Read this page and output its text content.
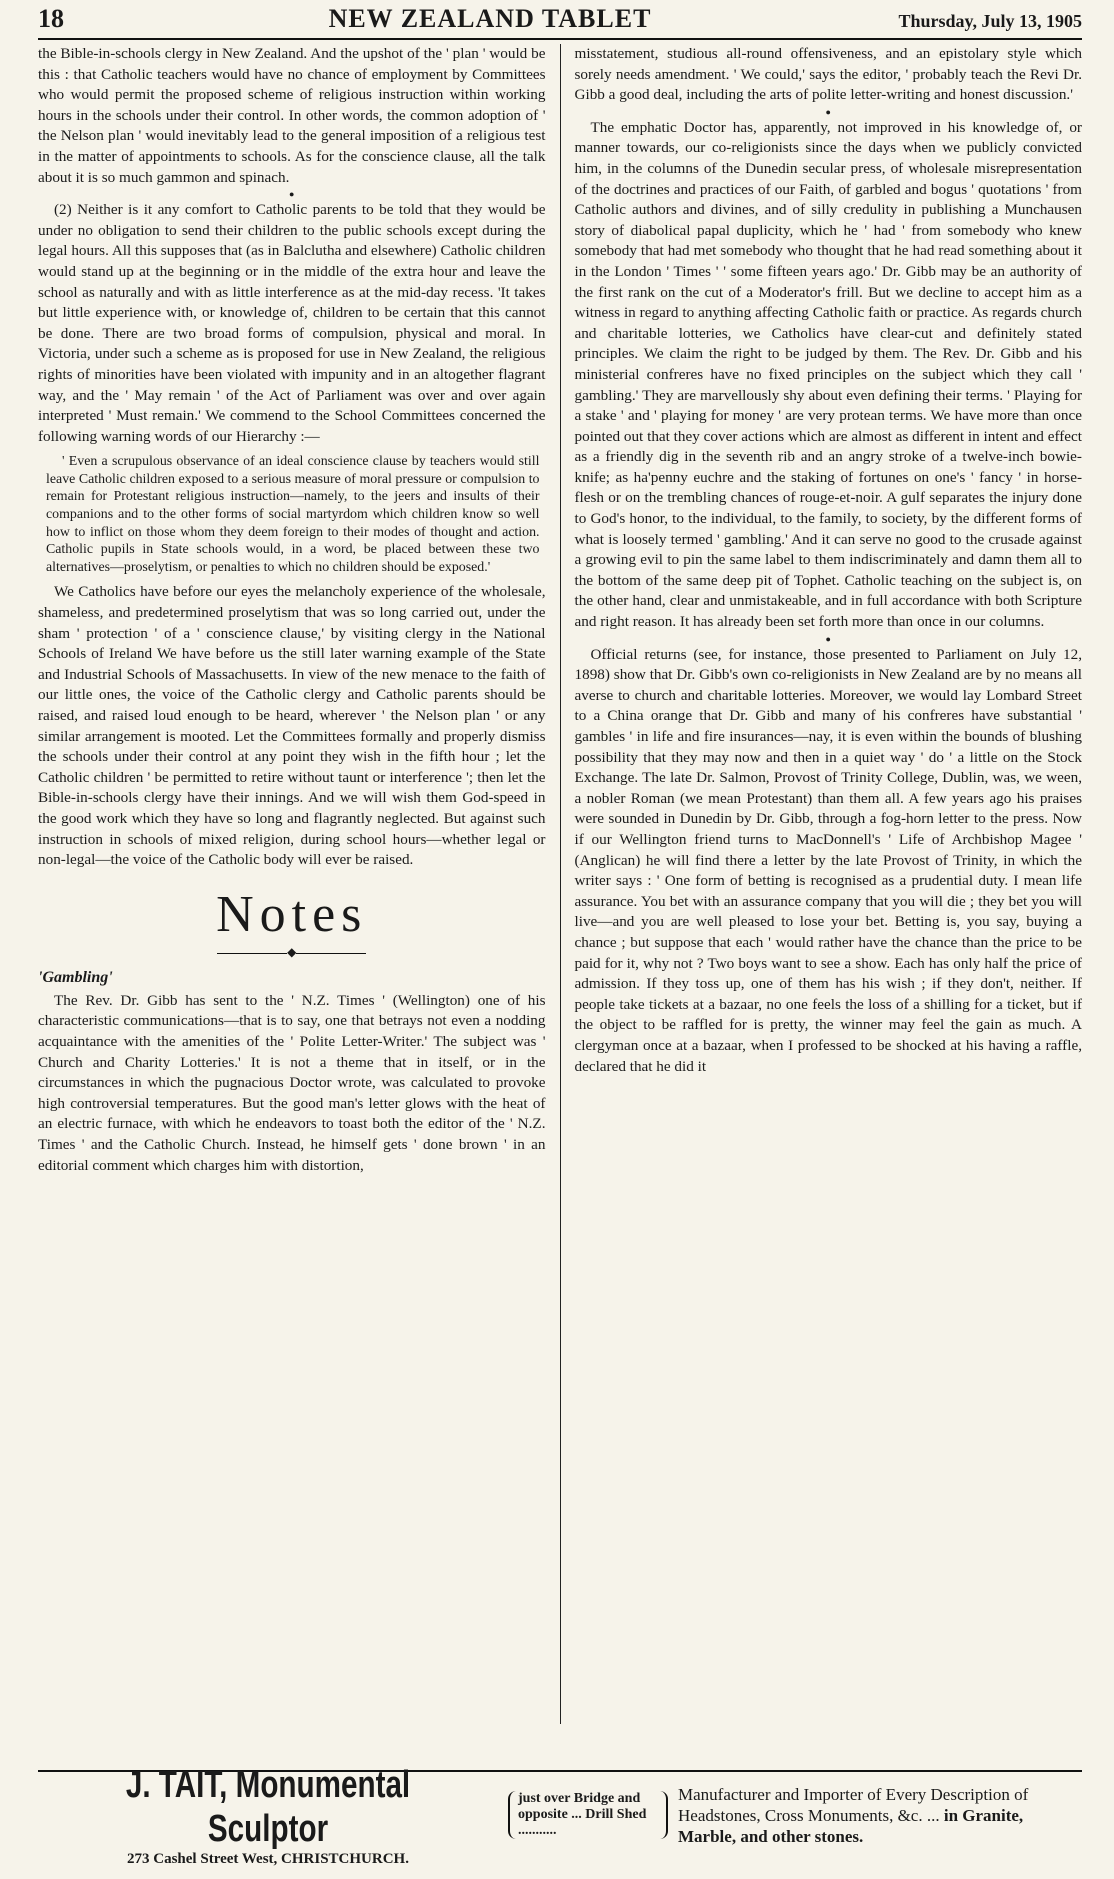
18	NEW ZEALAND TABLET	Thursday, July 13, 1905

the Bible-in-schools clergy in New Zealand. And the upshot of the ' plan ' would be this : that Catholic teachers would have no chance of employment by Committees who would permit the proposed scheme of religious instruction within working hours in the schools under their control. In other words, the common adoption of ' the Nelson plan ' would inevitably lead to the general imposition of a religious test in the matter of appointments to schools. As for the conscience clause, all the talk about it is so much gammon and spinach.

●

(2) Neither is it any comfort to Catholic parents to be told that they would be under no obligation to send their children to the public schools except during the legal hours. All this supposes that (as in Balclutha and elsewhere) Catholic children would stand up at the beginning or in the middle of the extra hour and leave the school as naturally and with as little interference as at the mid-day recess. 'It takes but little experience with, or knowledge of, children to be certain that this cannot be done. There are two broad forms of compulsion, physical and moral. In Victoria, under such a scheme as is proposed for use in New Zealand, the religious rights of minorities have been violated with impunity and in an altogether flagrant way, and the ' May remain ' of the Act of Parliament was over and over again interpreted ' Must remain.' We commend to the School Committees concerned the following warning words of our Hierarchy :—

' Even a scrupulous observance of an ideal conscience clause by teachers would still leave Catholic children exposed to a serious measure of moral pressure or compulsion to remain for Protestant religious instruction—namely, to the jeers and insults of their companions and to the other forms of social martyrdom which children know so well how to inflict on those whom they deem foreign to their modes of thought and action. Catholic pupils in State schools would, in a word, be placed between these two alternatives—proselytism, or penalties to which no children should be exposed.'

We Catholics have before our eyes the melancholy experience of the wholesale, shameless, and predetermined proselytism that was so long carried out, under the sham ' protection ' of a ' conscience clause,' by visiting clergy in the National Schools of Ireland We have before us the still later warning example of the State and Industrial Schools of Massachusetts. In view of the new menace to the faith of our little ones, the voice of the Catholic clergy and Catholic parents should be raised, and raised loud enough to be heard, wherever ' the Nelson plan ' or any similar arrangement is mooted. Let the Committees formally and properly dismiss the schools under their control at any point they wish in the fifth hour ; let the Catholic children ' be permitted to retire without taunt or interference '; then let the Bible-in-schools clergy have their innings. And we will wish them God-speed in the good work which they have so long and flagrantly neglected. But against such instruction in schools of mixed religion, during school hours—whether legal or non-legal—the voice of the Catholic body will ever be raised.

Notes
◆
'Gambling'

The Rev. Dr. Gibb has sent to the ' N.Z. Times ' (Wellington) one of his characteristic communications—that is to say, one that betrays not even a nodding acquaintance with the amenities of the ' Polite Letter-Writer.' The subject was ' Church and Charity Lotteries.' It is not a theme that in itself, or in the circumstances in which the pugnacious Doctor wrote, was calculated to provoke high controversial temperatures. But the good man's letter glows with the heat of an electric furnace, with which he endeavors to toast both the editor of the ' N.Z. Times ' and the Catholic Church. Instead, he himself gets ' done brown ' in an editorial comment which charges him with distortion,

misstatement, studious all-round offensiveness, and an epistolary style which sorely needs amendment. ' We could,' says the editor, ' probably teach the Revi Dr. Gibb a good deal, including the arts of polite letter-writing and honest discussion.'

●

The emphatic Doctor has, apparently, not improved in his knowledge of, or manner towards, our co-religionists since the days when we publicly convicted him, in the columns of the Dunedin secular press, of wholesale misrepresentation of the doctrines and practices of our Faith, of garbled and bogus ' quotations ' from Catholic authors and divines, and of silly credulity in publishing a Munchausen story of diabolical papal duplicity, which he ' had ' from somebody who knew somebody that had met somebody who thought that he had read something about it in the London ' Times ' ' some fifteen years ago.' Dr. Gibb may be an authority of the first rank on the cut of a Moderator's frill. But we decline to accept him as a witness in regard to anything affecting Catholic faith or practice. As regards church and charitable lotteries, we Catholics have clear-cut and definitely stated principles. We claim the right to be judged by them. The Rev. Dr. Gibb and his ministerial confreres have no fixed principles on the subject which they call ' gambling.' They are marvellously shy about even defining their terms. ' Playing for a stake ' and ' playing for money ' are very protean terms. We have more than once pointed out that they cover actions which are almost as different in intent and effect as a friendly dig in the seventh rib and an angry stroke of a twelve-inch bowie-knife; as ha'penny euchre and the staking of fortunes on one's ' fancy ' in horse-flesh or on the trembling chances of rouge-et-noir. A gulf separates the injury done to God's honor, to the individual, to the family, to society, by the different forms of what is loosely termed ' gambling.' And it can serve no good to the crusade against a growing evil to pin the same label to them indiscriminately and damn them all to the bottom of the same deep pit of Tophet. Catholic teaching on the subject is, on the other hand, clear and unmistakeable, and in full accordance with both Scripture and right reason. It has already been set forth more than once in our columns.

●

Official returns (see, for instance, those presented to Parliament on July 12, 1898) show that Dr. Gibb's own co-religionists in New Zealand are by no means all averse to church and charitable lotteries. Moreover, we would lay Lombard Street to a China orange that Dr. Gibb and many of his confreres have substantial ' gambles ' in life and fire insurances—nay, it is even within the bounds of blushing possibility that they may now and then in a quiet way ' do ' a little on the Stock Exchange. The late Dr. Salmon, Provost of Trinity College, Dublin, was, we ween, a nobler Roman (we mean Protestant) than them all. A few years ago his praises were sounded in Dunedin by Dr. Gibb, through a fog-horn letter to the press. Now if our Wellington friend turns to MacDonnell's ' Life of Archbishop Magee ' (Anglican) he will find there a letter by the late Provost of Trinity, in which the writer says : ' One form of betting is recognised as a prudential duty. I mean life assurance. You bet with an assurance company that you will die ; they bet you will live—and you are well pleased to lose your bet. Betting is, you say, buying a chance ; but suppose that each ' would rather have the chance than the price to be paid for it, why not ? Two boys want to see a show. Each has only half the price of admission. If they toss up, one of them has his wish ; if they don't, neither. If people take tickets at a bazaar, no one feels the loss of a shilling for a ticket, but if the object to be raffled for is pretty, the winner may feel the gain as much. A clergyman once at a bazaar, when I professed to be shocked at his having a raffle, declared that he did it

J. TAIT, Monumental Sculptor
273 Cashel Street West, CHRISTCHURCH.
just over Bridge and opposite ... Drill Shed ...........
Manufacturer and Importer of Every Description of Headstones, Cross Monuments, &c. ... in Granite, Marble, and other stones.
